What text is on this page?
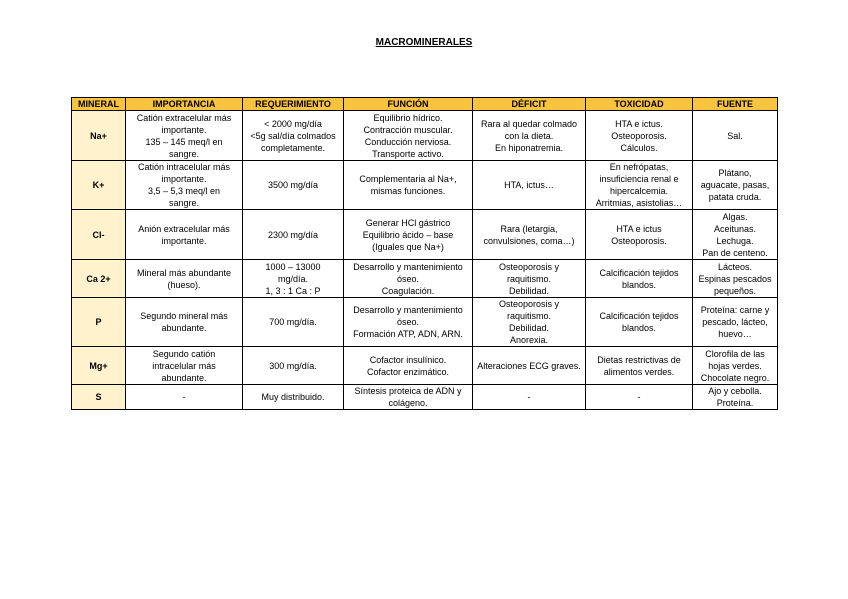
MACROMINERALES
MINERAL	IMPORTANCIA	REQUERIMIENTO	FUNCIÓN	DÉFICIT	TOXICIDAD	FUENTE
Na+	Catión extracelular más
importante.
135 – 145 meq/l en
sangre.	< 2000 mg/día
<5g sal/día colmados
completamente.	Equilibrio hídrico.
Contracción muscular.
Conducción nerviosa.
Transporte activo.	Rara al quedar colmado
con la dieta.
En hiponatremia.	HTA e ictus.
Osteoporosis.
Cálculos.	Sal.

K+	Catión intracelular más
importante.
3,5 – 5,3 meq/l en
sangre.	3500 mg/día	Complementaria al Na+,
mismas funciones.	HTA, ictus…	En nefrópatas,
insuficiencia renal e
hipercalcemia.
Arritmias, asistolias…	Plátano,
aguacate, pasas,
patata cruda.

Cl-	Anión extracelular más
importante.	2300 mg/día	Generar HCl gástrico
Equilibrio ácido – base
(Iguales que Na+)	Rara (letargia,
convulsiones, coma…)	HTA e ictus
Osteoporosis.	Algas.
Aceitunas.
Lechuga.
Pan de centeno.

Ca 2+	Mineral más abundante
(hueso).	1000 – 13000
mg/día.
1, 3 : 1 Ca : P	Desarrollo y mantenimiento
óseo.
Coagulación.	Osteoporosis y
raquitismo.
Debilidad.	Calcificación tejidos
blandos.	Lácteos.
Espinas pescados
pequeños.

P	Segundo mineral más
abundante.	700 mg/día.	Desarrollo y mantenimiento
óseo.
Formación ATP, ADN, ARN.	Osteoporosis y
raquitismo.
Debilidad.
Anorexia.	Calcificación tejidos
blandos.	Proteína: carne y
pescado, lácteo,
huevo…

Mg+	Segundo catión
intracelular más
abundante.	300 mg/día.	Cofactor insulínico.
Cofactor enzimático.	Alteraciones ECG graves.	Dietas restrictivas de
alimentos verdes.	Clorofila de las
hojas verdes.
Chocolate negro.

S	-	Muy distribuido.	Síntesis proteica de ADN y
colágeno.	-	-	Ajo y cebolla.
Proteína.
